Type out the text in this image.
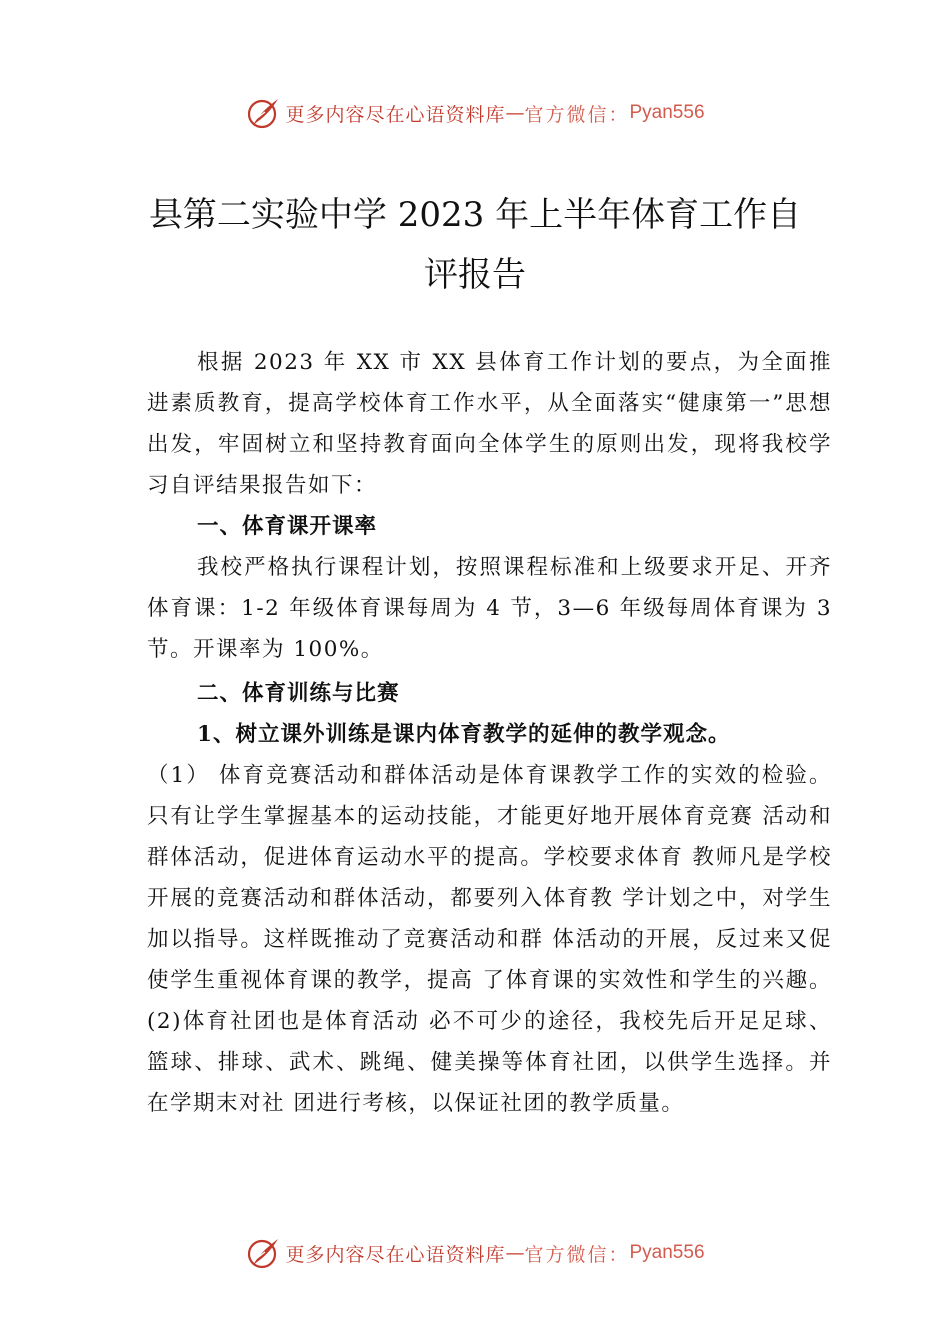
更多内容尽在心语资料库 — 官方微信： Pyan556
县第二实验中学 2023 年上半年体育工作自
评报告

根据 2023 年 XX 市 XX 县体育工作计划的要点，为全面推进素质教育，提高学校体育工作水平，从全面落实“健康第一”思想出发，牢固树立和坚持教育面向全体学生的原则出发，现将我校学习自评结果报告如下：

一、体育课开课率

我校严格执行课程计划，按照课程标准和上级要求开足、开齐体育课：1-2 年级体育课每周为 4 节，3—6 年级每周体育课为 3 节。开课率为 100%。

二、体育训练与比赛

1、树立课外训练是课内体育教学的延伸的教学观念。

（1） 体育竞赛活动和群体活动是体育课教学工作的实效的检验。只有让学生掌握基本的运动技能，才能更好地开展体育竞赛 活动和群体活动，促进体育运动水平的提高。学校要求体育 教师凡是学校开展的竞赛活动和群体活动，都要列入体育教 学计划之中，对学生加以指导。这样既推动了竞赛活动和群 体活动的开展，反过来又促使学生重视体育课的教学，提高 了体育课的实效性和学生的兴趣。(2)体育社团也是体育活动 必不可少的途径，我校先后开足足球、篮球、排球、武术、跳绳、健美操等体育社团，以供学生选择。并在学期末对社 团进行考核，以保证社团的教学质量。

更多内容尽在心语资料库 — 官方微信： Pyan556
